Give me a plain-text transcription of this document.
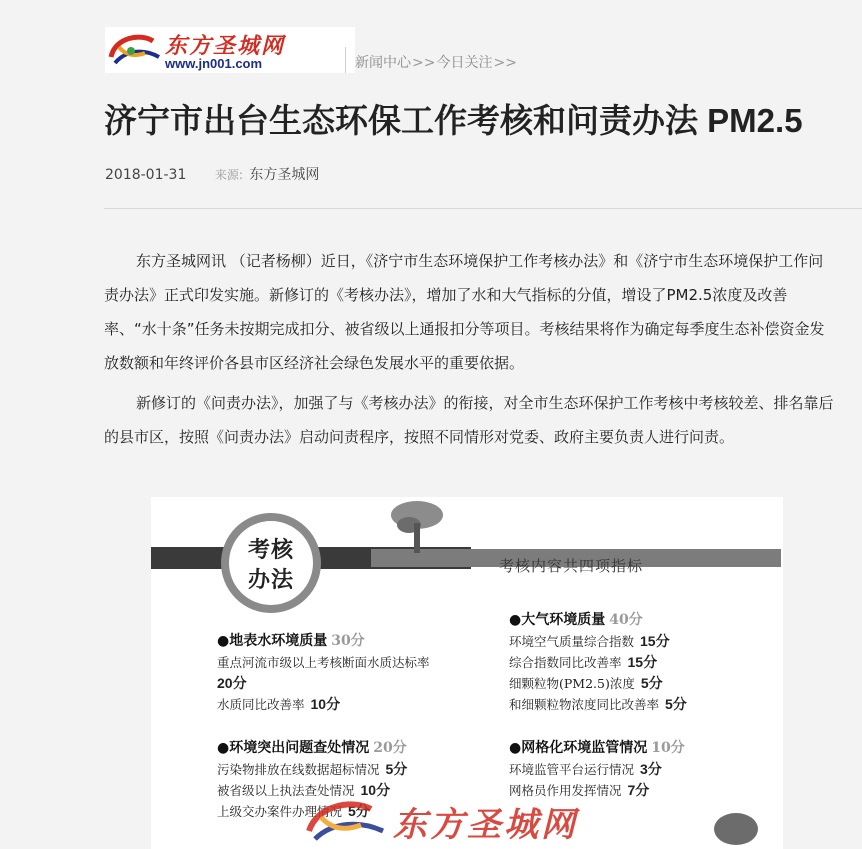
东方圣城网
www.jn001.com	新闻中心>>今日关注>>
济宁市出台生态环保工作考核和问责办法 PM2.5
2018-01-31 来源: 东方圣城网

东方圣城网讯 （记者杨柳）近日，《济宁市生态环境保护工作考核办法》和《济宁市生态环境保护工作问责办法》正式印发实施。新修订的《考核办法》，增加了水和大气指标的分值，增设了PM2.5浓度及改善率、“水十条”任务未按期完成扣分、被省级以上通报扣分等项目。考核结果将作为确定每季度生态补偿资金发放数额和年终评价各县市区经济社会绿色发展水平的重要依据。

新修订的《问责办法》，加强了与《考核办法》的衔接，对全市生态环保护工作考核中考核较差、排名靠后的县市区，按照《问责办法》启动问责程序，按照不同情形对党委、政府主要负责人进行问责。

考核
办法
考核内容共四项指标
●地表水环境质量 30分
重点河流市级以上考核断面水质达标率
20分
水质同比改善率 10分
●大气环境质量 40分
环境空气质量综合指数 15分
综合指数同比改善率 15分
细颗粒物(PM2.5)浓度 5分
和细颗粒物浓度同比改善率 5分
●环境突出问题查处情况 20分
污染物排放在线数据超标情况 5分
被省级以上执法查处情况 10分
上级交办案件办理情况 5分
●网格化环境监管情况 10分
环境监管平台运行情况 3分
网格员作用发挥情况 7分
东方圣城网
